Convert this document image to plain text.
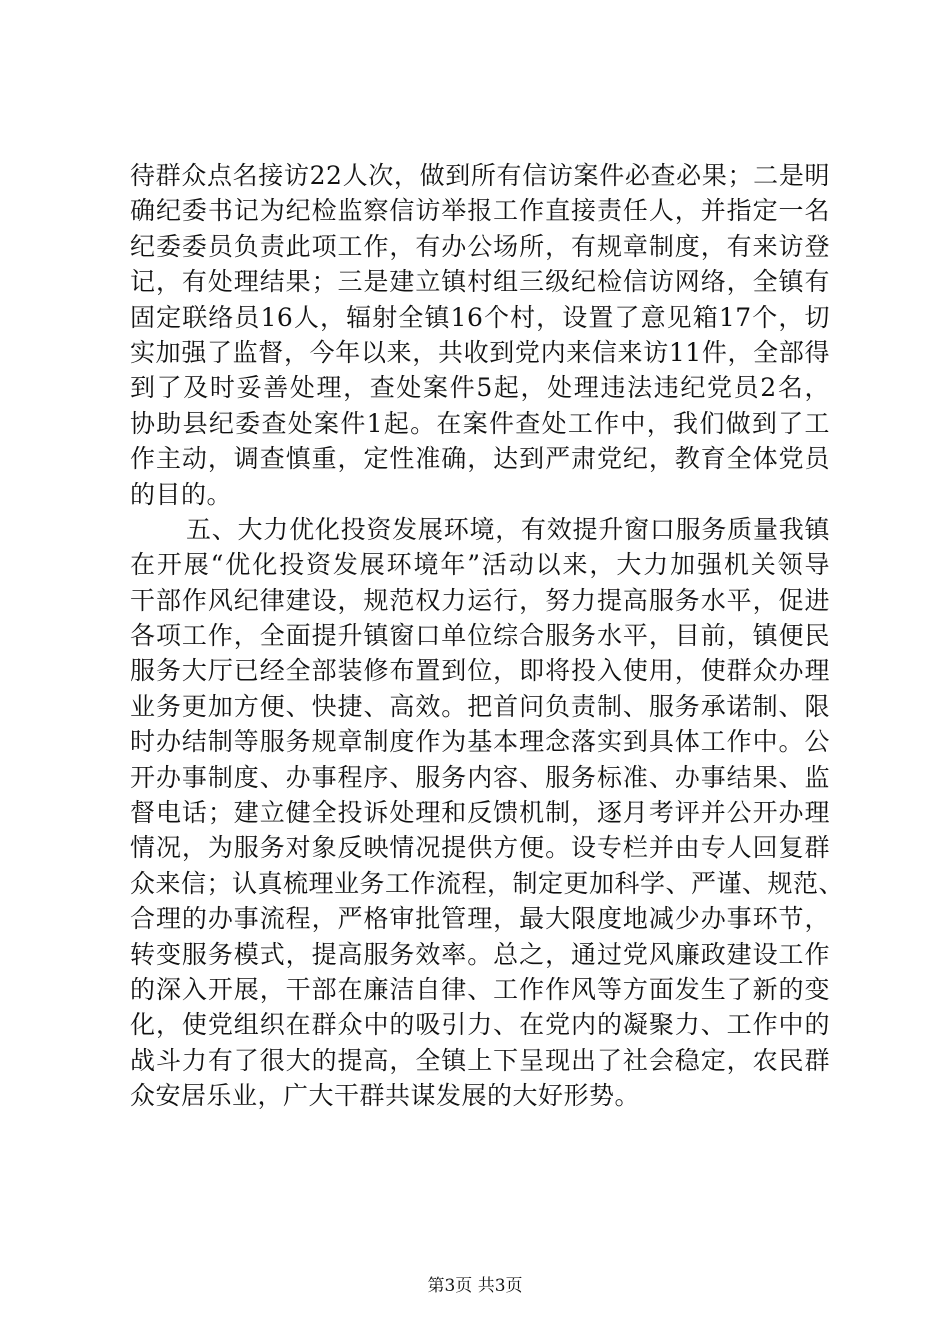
待群众点名接访22人次，做到所有信访案件必查必果；二是明
确纪委书记为纪检监察信访举报工作直接责任人，并指定一名
纪委委员负责此项工作，有办公场所，有规章制度，有来访登
记，有处理结果；三是建立镇村组三级纪检信访网络，全镇有
固定联络员16人，辐射全镇16个村，设置了意见箱17个，切
实加强了监督，今年以来，共收到党内来信来访11件，全部得
到了及时妥善处理，查处案件5起，处理违法违纪党员2名，
协助县纪委查处案件1起。在案件查处工作中，我们做到了工
作主动，调查慎重，定性准确，达到严肃党纪，教育全体党员
的目的。
五、大力优化投资发展环境，有效提升窗口服务质量我镇
在开展“优化投资发展环境年”活动以来，大力加强机关领导
干部作风纪律建设，规范权力运行，努力提高服务水平，促进
各项工作，全面提升镇窗口单位综合服务水平，目前，镇便民
服务大厅已经全部装修布置到位，即将投入使用，使群众办理
业务更加方便、快捷、高效。把首问负责制、服务承诺制、限
时办结制等服务规章制度作为基本理念落实到具体工作中。公
开办事制度、办事程序、服务内容、服务标准、办事结果、监
督电话；建立健全投诉处理和反馈机制，逐月考评并公开办理
情况，为服务对象反映情况提供方便。设专栏并由专人回复群
众来信；认真梳理业务工作流程，制定更加科学、严谨、规范、
合理的办事流程，严格审批管理，最大限度地减少办事环节，
转变服务模式，提高服务效率。总之，通过党风廉政建设工作
的深入开展，干部在廉洁自律、工作作风等方面发生了新的变
化，使党组织在群众中的吸引力、在党内的凝聚力、工作中的
战斗力有了很大的提高，全镇上下呈现出了社会稳定，农民群
众安居乐业，广大干群共谋发展的大好形势。
第3页 共3页
